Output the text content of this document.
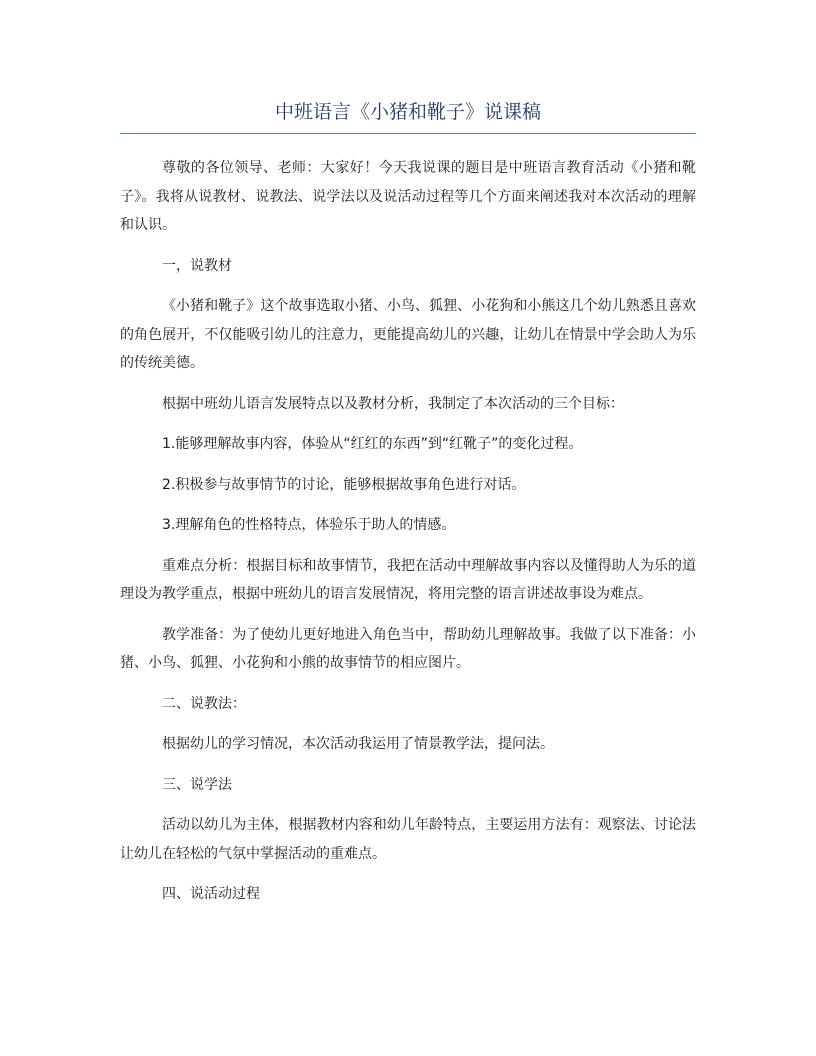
中班语言《小猪和靴子》说课稿

尊敬的各位领导、老师：大家好！今天我说课的题目是中班语言教育活动《小猪和靴子》。我将从说教材、说教法、说学法以及说活动过程等几个方面来阐述我对本次活动的理解和认识。

一，说教材

《小猪和靴子》这个故事选取小猪、小鸟、狐狸、小花狗和小熊这几个幼儿熟悉且喜欢的角色展开，不仅能吸引幼儿的注意力，更能提高幼儿的兴趣，让幼儿在情景中学会助人为乐的传统美德。

根据中班幼儿语言发展特点以及教材分析，我制定了本次活动的三个目标：

1.能够理解故事内容，体验从“红红的东西”到“红靴子”的变化过程。

2.积极参与故事情节的讨论，能够根据故事角色进行对话。

3.理解角色的性格特点，体验乐于助人的情感。

重难点分析：根据目标和故事情节，我把在活动中理解故事内容以及懂得助人为乐的道理设为教学重点，根据中班幼儿的语言发展情况，将用完整的语言讲述故事设为难点。

教学准备：为了使幼儿更好地进入角色当中，帮助幼儿理解故事。我做了以下准备：小猪、小鸟、狐狸、小花狗和小熊的故事情节的相应图片。

二、说教法：

根据幼儿的学习情况，本次活动我运用了情景教学法，提问法。

三、说学法

活动以幼儿为主体，根据教材内容和幼儿年龄特点，主要运用方法有：观察法、讨论法让幼儿在轻松的气氛中掌握活动的重难点。

四、说活动过程
